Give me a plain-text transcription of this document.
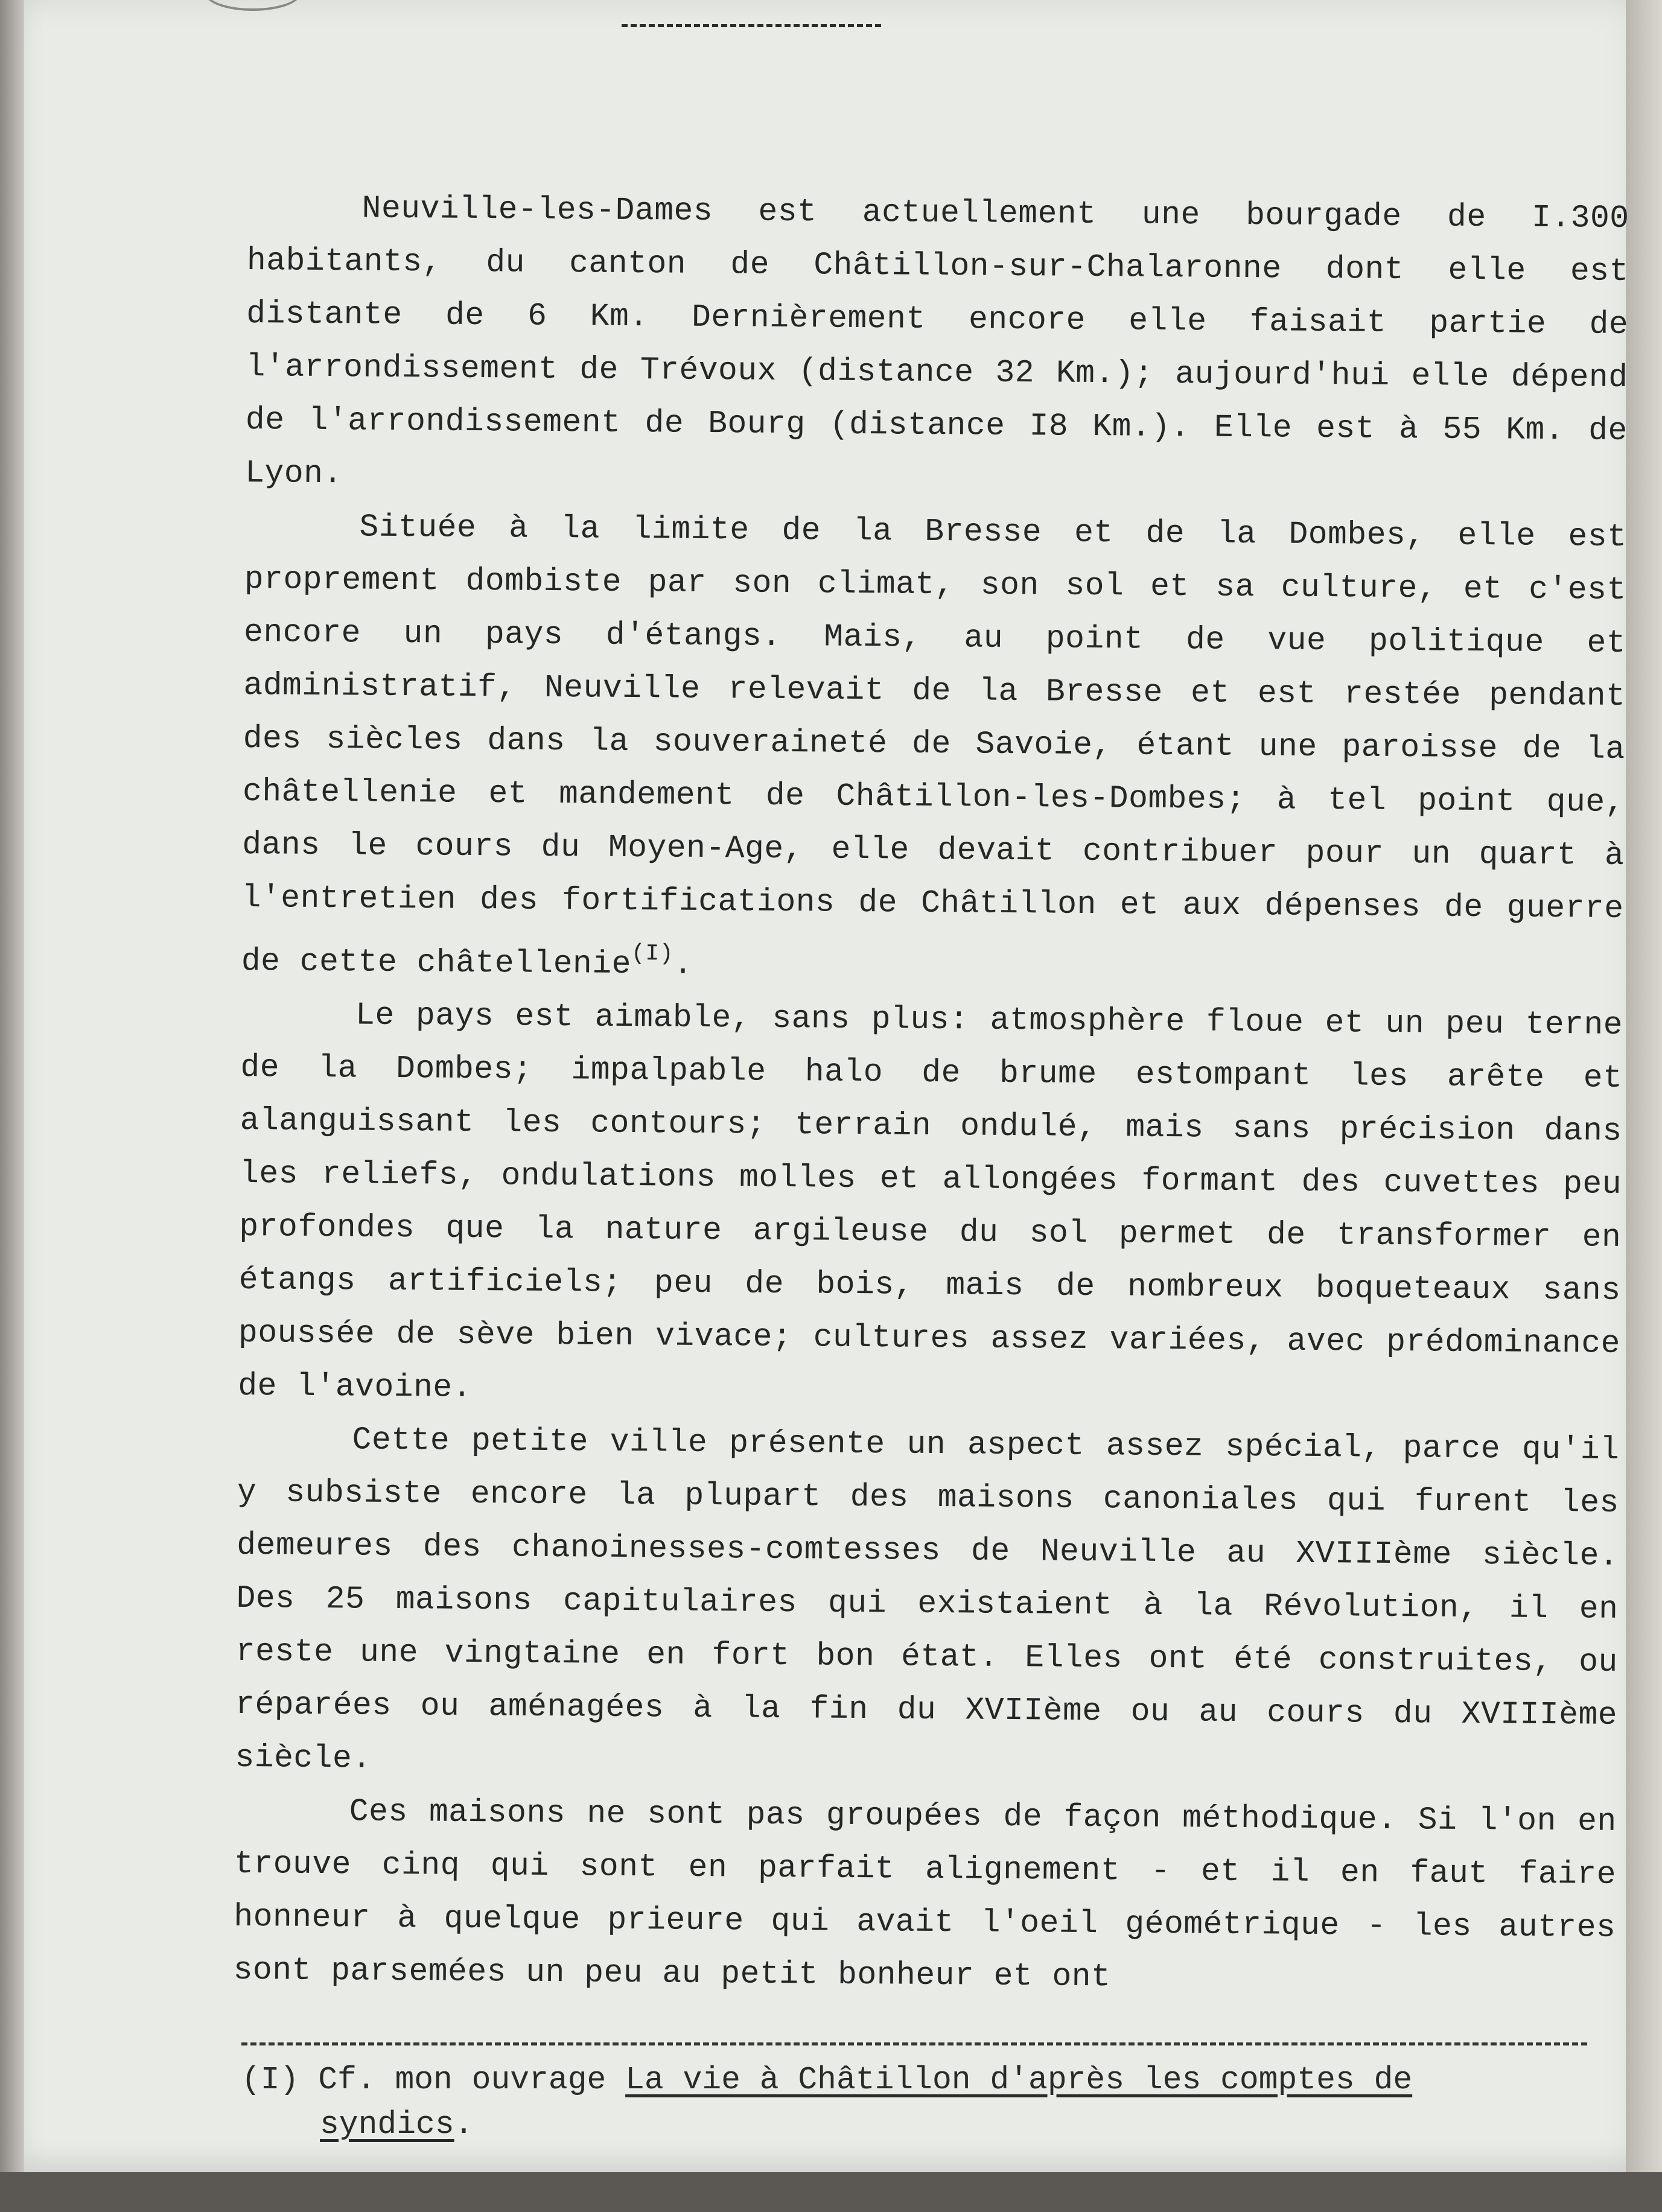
Neuville-les-Dames est actuellement une bourgade de I.300 habitants, du canton de Châtillon-sur-Chalaronne dont elle est distante de 6 Km. Dernièrement encore elle faisait partie de l'arrondissement de Trévoux (distance 32 Km.); aujourd'hui elle dépend de l'arrondissement de Bourg (distance I8 Km.). Elle est à 55 Km. de Lyon.

Située à la limite de la Bresse et de la Dombes, elle est proprement dombiste par son climat, son sol et sa culture, et c'est encore un pays d'étangs. Mais, au point de vue politique et administratif, Neuville relevait de la Bresse et est restée pendant des siècles dans la souveraineté de Savoie, étant une paroisse de la châtellenie et mandement de Châtillon-les-Dombes; à tel point que, dans le cours du Moyen-Age, elle devait contribuer pour un quart à l'entretien des fortifications de Châtillon et aux dépenses de guerre de cette châtellenie$^{(I)}$.

Le pays est aimable, sans plus: atmosphère floue et un peu terne de la Dombes; impalpable halo de brume estompant les arête et alanguissant les contours; terrain ondulé, mais sans précision dans les reliefs, ondulations molles et allongées formant des cuvettes peu profondes que la nature argileuse du sol permet de transformer en étangs artificiels; peu de bois, mais de nombreux boqueteaux sans poussée de sève bien vivace; cultures assez variées, avec prédominance de l'avoine.

Cette petite ville présente un aspect assez spécial, parce qu'il y subsiste encore la plupart des maisons canoniales qui furent les demeures des chanoinesses-comtesses de Neuville au XVIIIème siècle. Des 25 maisons capitulaires qui existaient à la Révolution, il en reste une vingtaine en fort bon état. Elles ont été construites, ou réparées ou aménagées à la fin du XVIIème ou au cours du XVIIIème siècle.

Ces maisons ne sont pas groupées de façon méthodique. Si l'on en trouve cinq qui sont en parfait alignement - et il en faut faire honneur à quelque prieure qui avait l'oeil géométrique - les autres sont parsemées un peu au petit bonheur et ont

(I) Cf. mon ouvrage La vie à Châtillon d'après les comptes de
syndics.
